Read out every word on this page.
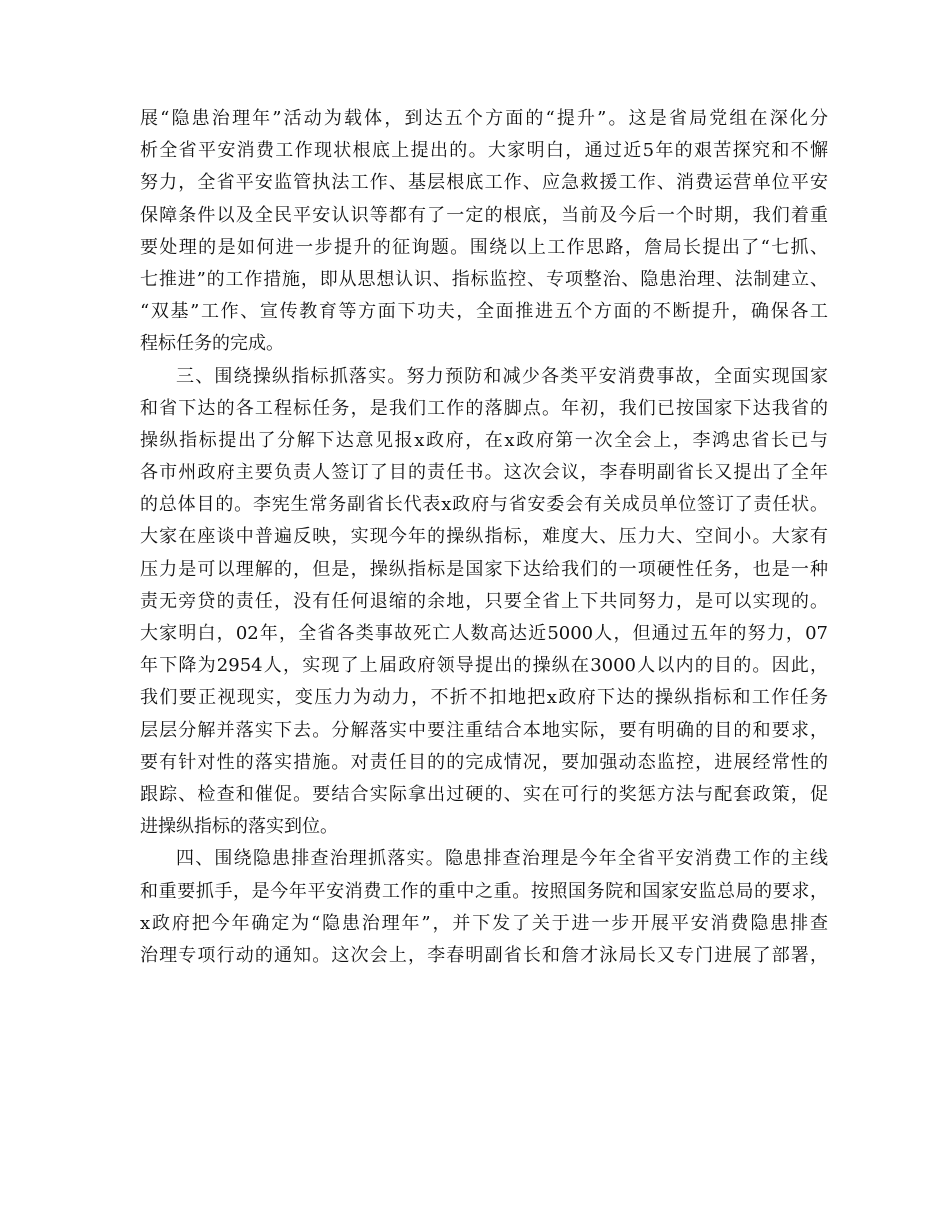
展“隐患治理年”活动为载体，到达五个方面的“提升”。这是省局党组在深化分
析全省平安消费工作现状根底上提出的。大家明白，通过近5年的艰苦探究和不懈
努力，全省平安监管执法工作、基层根底工作、应急救援工作、消费运营单位平安
保障条件以及全民平安认识等都有了一定的根底，当前及今后一个时期，我们着重
要处理的是如何进一步提升的征询题。围绕以上工作思路，詹局长提出了“七抓、
七推进”的工作措施，即从思想认识、指标监控、专项整治、隐患治理、法制建立、
“双基”工作、宣传教育等方面下功夫，全面推进五个方面的不断提升，确保各工
程标任务的完成。
三、围绕操纵指标抓落实。努力预防和减少各类平安消费事故，全面实现国家
和省下达的各工程标任务，是我们工作的落脚点。年初，我们已按国家下达我省的
操纵指标提出了分解下达意见报x政府，在x政府第一次全会上，李鸿忠省长已与
各市州政府主要负责人签订了目的责任书。这次会议，李春明副省长又提出了全年
的总体目的。李宪生常务副省长代表x政府与省安委会有关成员单位签订了责任状。
大家在座谈中普遍反映，实现今年的操纵指标，难度大、压力大、空间小。大家有
压力是可以理解的，但是，操纵指标是国家下达给我们的一项硬性任务，也是一种
责无旁贷的责任，没有任何退缩的余地，只要全省上下共同努力，是可以实现的。
大家明白，02年，全省各类事故死亡人数高达近5000人，但通过五年的努力，07
年下降为2954人，实现了上届政府领导提出的操纵在3000人以内的目的。因此，
我们要正视现实，变压力为动力，不折不扣地把x政府下达的操纵指标和工作任务
层层分解并落实下去。分解落实中要注重结合本地实际，要有明确的目的和要求，
要有针对性的落实措施。对责任目的的完成情况，要加强动态监控，进展经常性的
跟踪、检查和催促。要结合实际拿出过硬的、实在可行的奖惩方法与配套政策，促
进操纵指标的落实到位。
四、围绕隐患排查治理抓落实。隐患排查治理是今年全省平安消费工作的主线
和重要抓手，是今年平安消费工作的重中之重。按照国务院和国家安监总局的要求，
x政府把今年确定为“隐患治理年”，并下发了关于进一步开展平安消费隐患排查
治理专项行动的通知。这次会上，李春明副省长和詹才泳局长又专门进展了部署，
